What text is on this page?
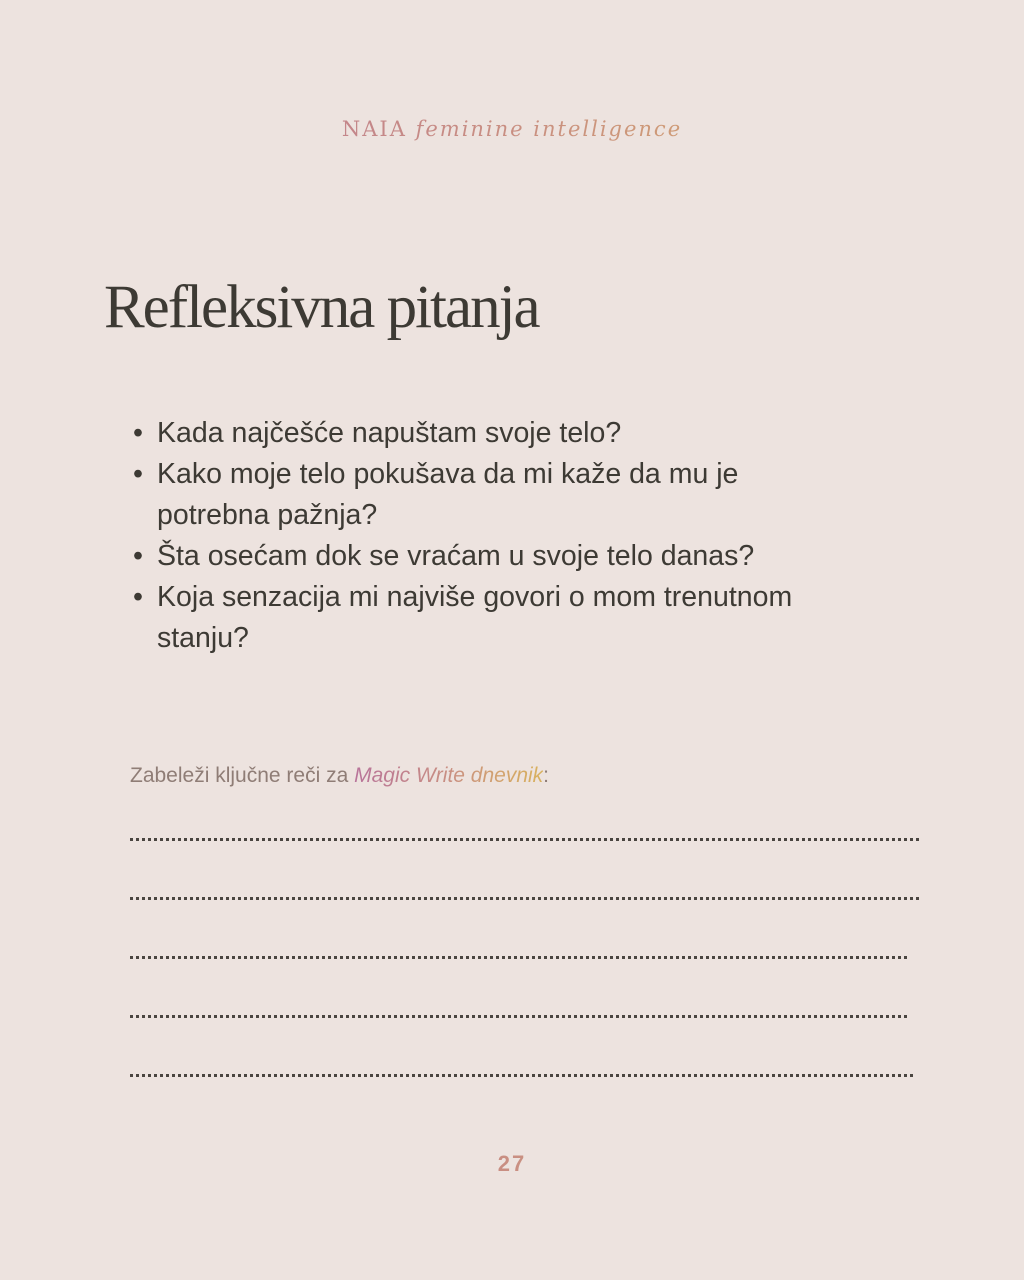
NAIA feminine intelligence
Refleksivna pitanja
• Kada najčešće napuštam svoje telo?
• Kako moje telo pokušava da mi kaže da mu je potrebna pažnja?
• Šta osećam dok se vraćam u svoje telo danas?
• Koja senzacija mi najviše govori o mom trenutnom stanju?
Zabeleži ključne reči za Magic Write dnevnik:
27
